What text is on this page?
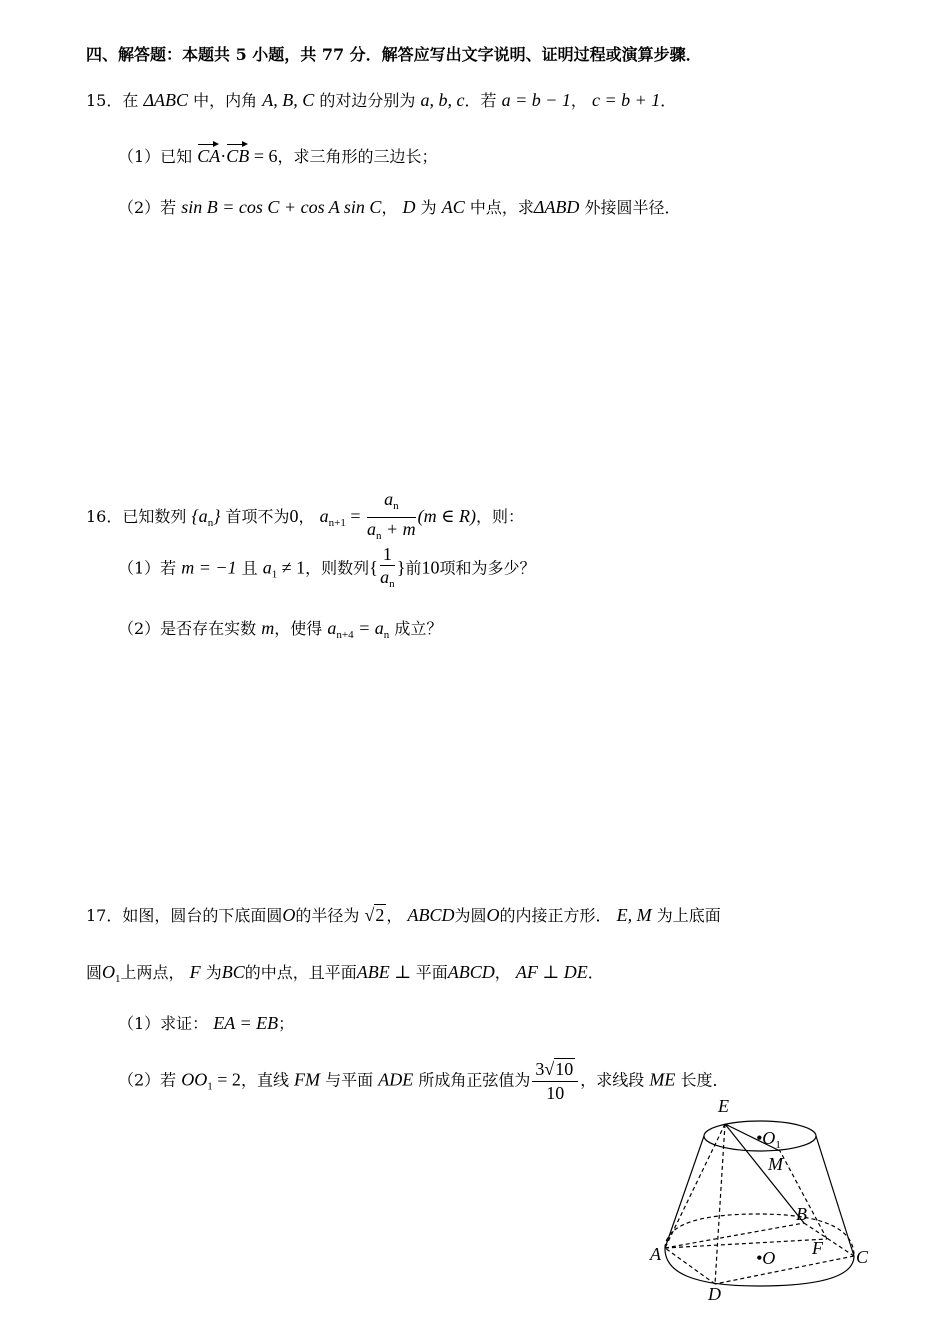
四、解答题：本题共 5 小题，共 77 分．解答应写出文字说明、证明过程或演算步骤．
15．在 ΔABC 中，内角 A, B, C 的对边分别为 a, b, c．若 a = b − 1， c = b + 1．
（1）已知 CA·CB = 6，求三角形的三边长；
（2）若 sin B = cos C + cos A sin C， D 为 AC 中点，求ΔABD 外接圆半径．
16．已知数列 $\{a_n\}$ 首项不为0， $a_{n+1} = \frac{a_n}{a_n + m} (m$ ∈ R)，则：
（1）若 m = −1 且 $a_1 \ne 1$，则数列{ $\frac{1}{a_n}$ }前10项和为多少？
（2）是否存在实数 m，使得 $a_{n+4} = a_n$ 成立？
17．如图，圆台的下底面圆O的半径为 √2 ， ABCD为圆O的内接正方形． E, M 为上底面
圆$O_1$上两点， F 为BC的中点，且平面ABE ⊥ 平面ABCD， AF ⊥ DE．
（1）求证： EA = EB；
（2）若 $OO_1 = 2$，直线 FM 与平面 ADE 所成角正弦值为 $\frac{3√10}{10}$ ，求线段 ME 长度．
E
$•O_1$
M
B
A	F
•O	C
D
